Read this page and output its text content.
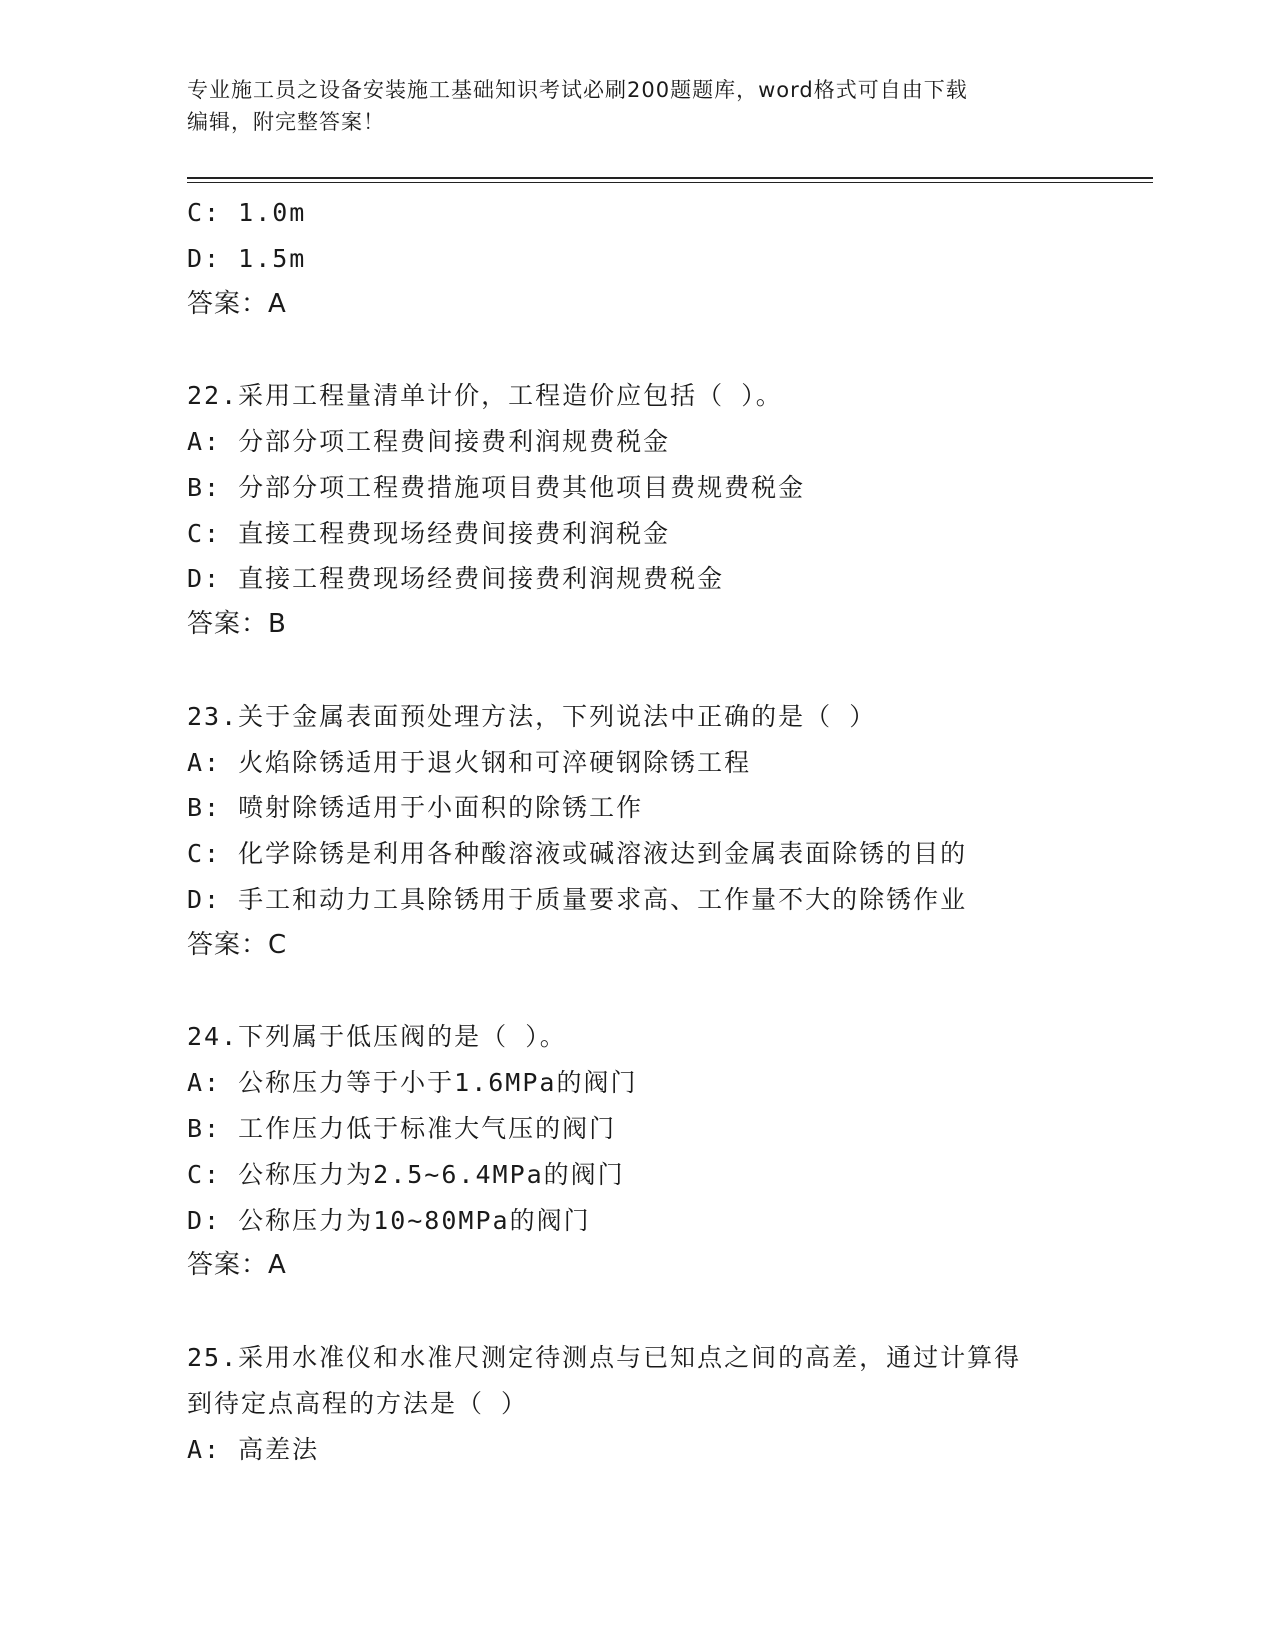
专业施工员之设备安装施工基础知识考试必刷200题题库，word格式可自由下载
编辑，附完整答案！
C: 1.0m
D: 1.5m
答案：A
22.采用工程量清单计价，工程造价应包括（ ）。
A: 分部分项工程费间接费利润规费税金
B: 分部分项工程费措施项目费其他项目费规费税金
C: 直接工程费现场经费间接费利润税金
D: 直接工程费现场经费间接费利润规费税金
答案：B
23.关于金属表面预处理方法，下列说法中正确的是（ ）
A: 火焰除锈适用于退火钢和可淬硬钢除锈工程
B: 喷射除锈适用于小面积的除锈工作
C: 化学除锈是利用各种酸溶液或碱溶液达到金属表面除锈的目的
D: 手工和动力工具除锈用于质量要求高、工作量不大的除锈作业
答案：C
24.下列属于低压阀的是（ ）。
A: 公称压力等于小于1.6MPa的阀门
B: 工作压力低于标准大气压的阀门
C: 公称压力为2.5~6.4MPa的阀门
D: 公称压力为10~80MPa的阀门
答案：A
25.采用水准仪和水准尺测定待测点与已知点之间的高差，通过计算得
到待定点高程的方法是（ ）
A: 高差法
